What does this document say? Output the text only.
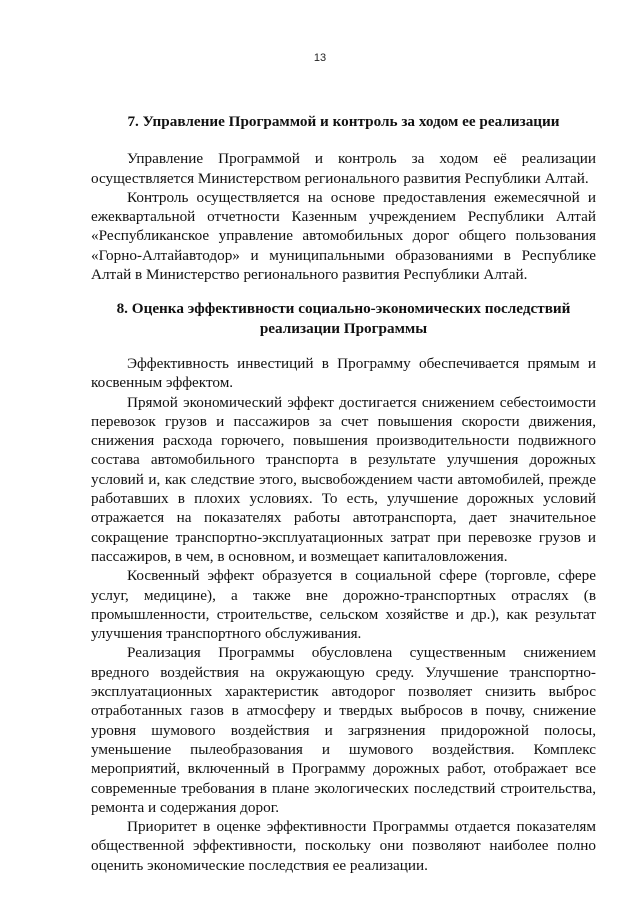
13

7. Управление Программой и контроль за ходом ее реализации

Управление Программой и контроль за ходом её реализации осуществляется Министерством регионального развития Республики Алтай.

Контроль осуществляется на основе предоставления ежемесячной и ежеквартальной отчетности Казенным учреждением Республики Алтай «Республиканское управление автомобильных дорог общего пользования «Горно-Алтайавтодор» и муниципальными образованиями в Республике Алтай в Министерство регионального развития Республики Алтай.

8. Оценка эффективности социально-экономических последствий
реализации Программы

Эффективность инвестиций в Программу обеспечивается прямым и косвенным эффектом.

Прямой экономический эффект достигается снижением себестоимости перевозок грузов и пассажиров за счет повышения скорости движения, снижения расхода горючего, повышения производительности подвижного состава автомобильного транспорта в результате улучшения дорожных условий и, как следствие этого, высвобождением части автомобилей, прежде работавших в плохих условиях. То есть, улучшение дорожных условий отражается на показателях работы автотранспорта, дает значительное сокращение транспортно-эксплуатационных затрат при перевозке грузов и пассажиров, в чем, в основном, и возмещает капиталовложения.

Косвенный эффект образуется в социальной сфере (торговле, сфере услуг, медицине), а также вне дорожно-транспортных отраслях (в промышленности, строительстве, сельском хозяйстве и др.), как результат улучшения транспортного обслуживания.

Реализация Программы обусловлена существенным снижением вредного воздействия на окружающую среду. Улучшение транспортно-эксплуатационных характеристик автодорог позволяет снизить выброс отработанных газов в атмосферу и твердых выбросов в почву, снижение уровня шумового воздействия и загрязнения придорожной полосы, уменьшение пылеобразования и шумового воздействия. Комплекс мероприятий, включенный в Программу дорожных работ, отображает все современные требования в плане экологических последствий строительства, ремонта и содержания дорог.

Приоритет в оценке эффективности Программы отдается показателям общественной эффективности, поскольку они позволяют наиболее полно оценить экономические последствия ее реализации.
